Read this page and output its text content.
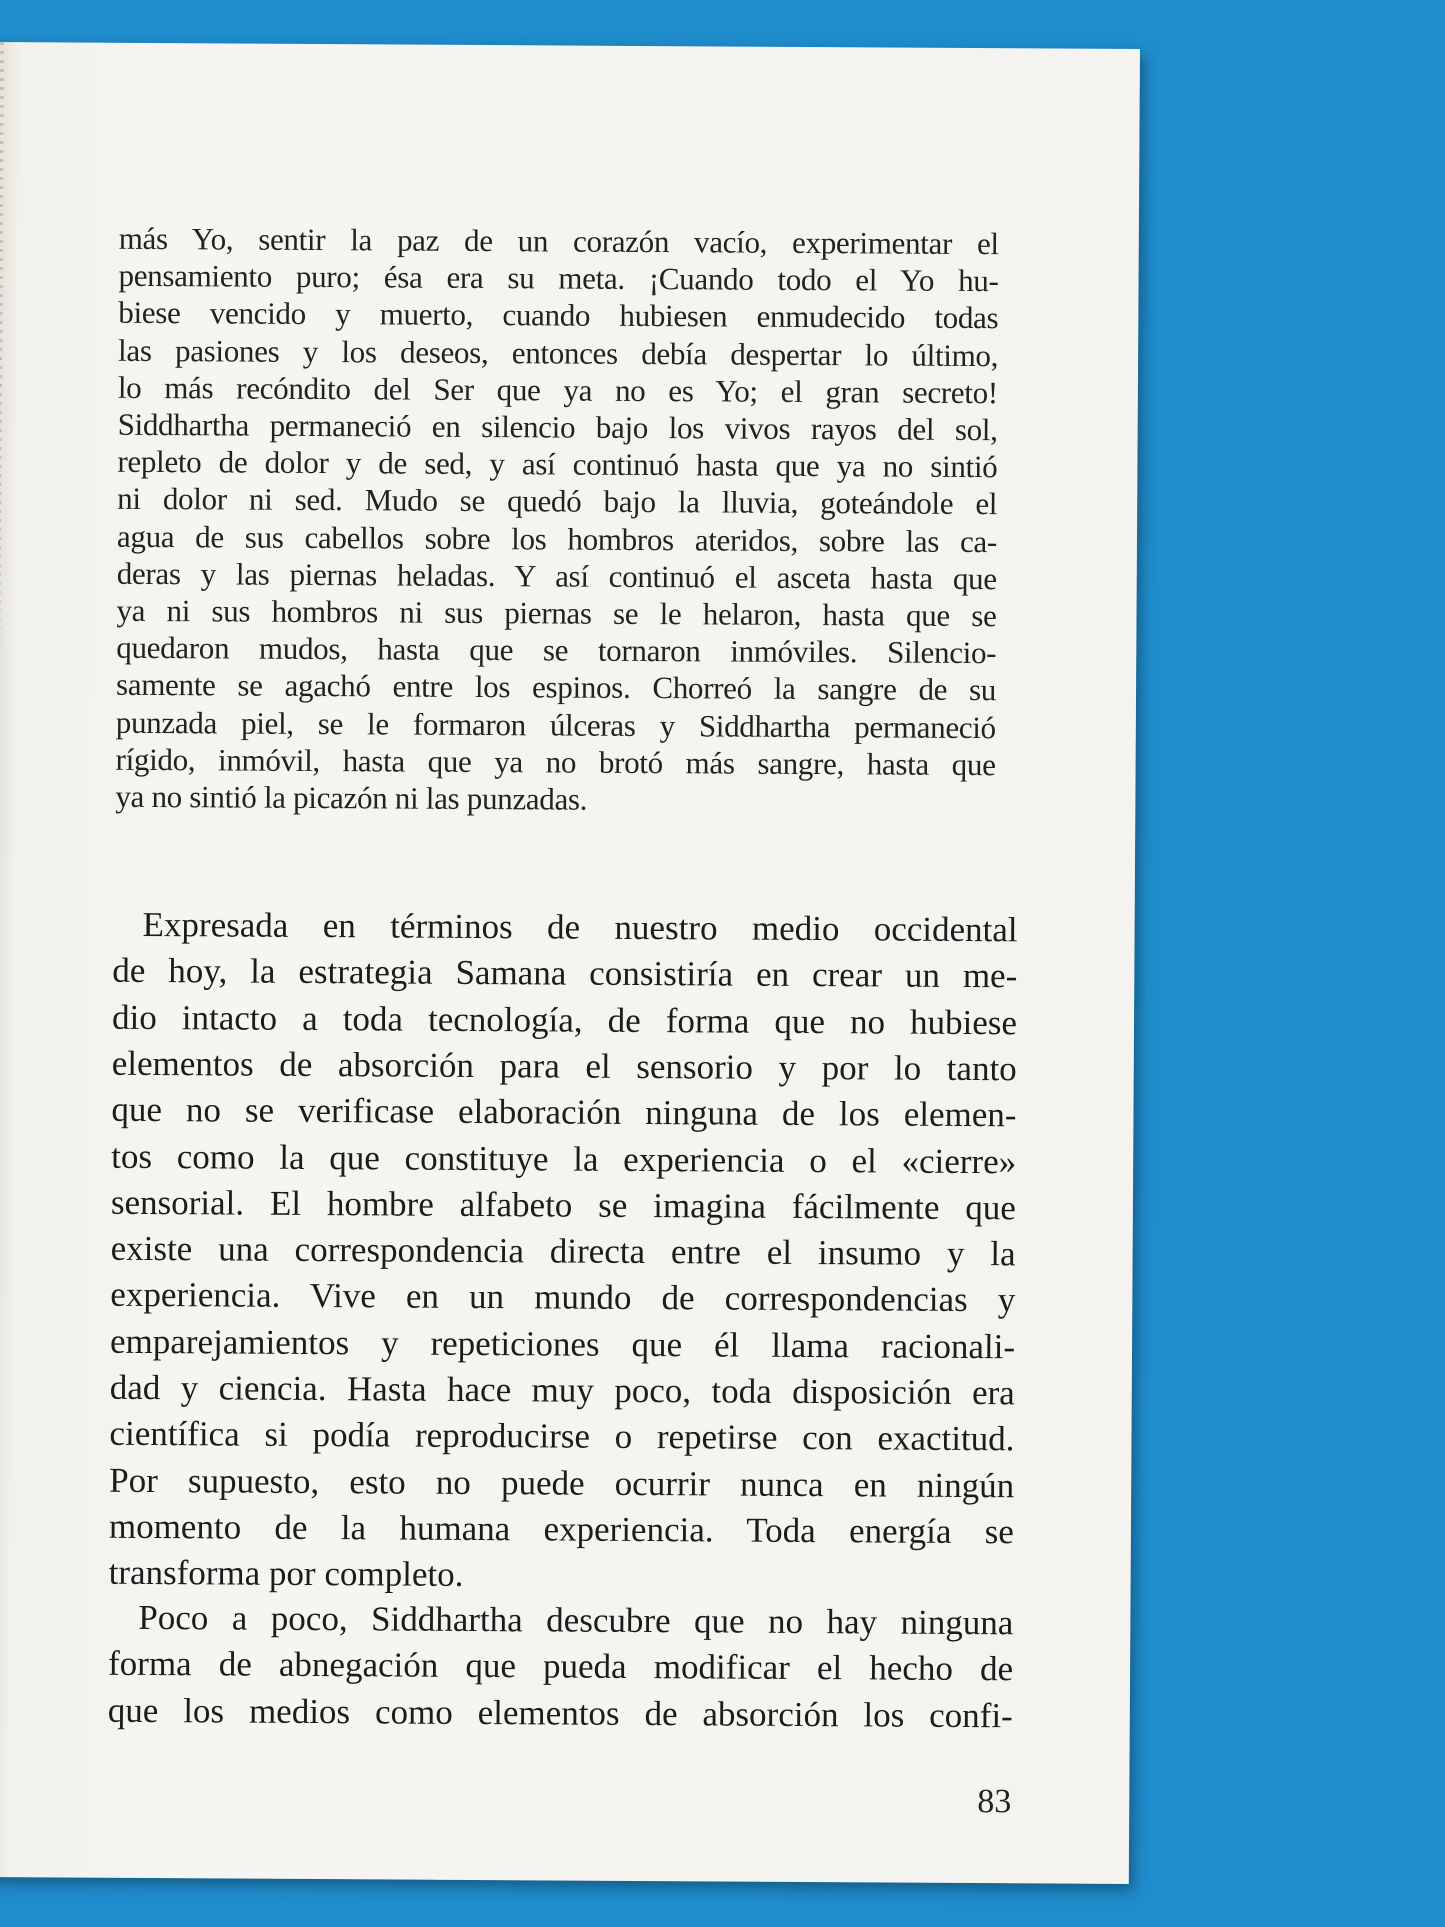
más Yo, sentir la paz de un corazón vacío, experimentar el
pensamiento puro; ésa era su meta. ¡Cuando todo el Yo hu-
biese vencido y muerto, cuando hubiesen enmudecido todas
las pasiones y los deseos, entonces debía despertar lo último,
lo más recóndito del Ser que ya no es Yo; el gran secreto!
Siddhartha permaneció en silencio bajo los vivos rayos del sol,
repleto de dolor y de sed, y así continuó hasta que ya no sintió
ni dolor ni sed. Mudo se quedó bajo la lluvia, goteándole el
agua de sus cabellos sobre los hombros ateridos, sobre las ca-
deras y las piernas heladas. Y así continuó el asceta hasta que
ya ni sus hombros ni sus piernas se le helaron, hasta que se
quedaron mudos, hasta que se tornaron inmóviles. Silencio-
samente se agachó entre los espinos. Chorreó la sangre de su
punzada piel, se le formaron úlceras y Siddhartha permaneció
rígido, inmóvil, hasta que ya no brotó más sangre, hasta que
ya no sintió la picazón ni las punzadas.
Expresada en términos de nuestro medio occidental
de hoy, la estrategia Samana consistiría en crear un me-
dio intacto a toda tecnología, de forma que no hubiese
elementos de absorción para el sensorio y por lo tanto
que no se verificase elaboración ninguna de los elemen-
tos como la que constituye la experiencia o el «cierre»
sensorial. El hombre alfabeto se imagina fácilmente que
existe una correspondencia directa entre el insumo y la
experiencia. Vive en un mundo de correspondencias y
emparejamientos y repeticiones que él llama racionali-
dad y ciencia. Hasta hace muy poco, toda disposición era
científica si podía reproducirse o repetirse con exactitud.
Por supuesto, esto no puede ocurrir nunca en ningún
momento de la humana experiencia. Toda energía se
transforma por completo.
Poco a poco, Siddhartha descubre que no hay ninguna
forma de abnegación que pueda modificar el hecho de
que los medios como elementos de absorción los confi-
83
